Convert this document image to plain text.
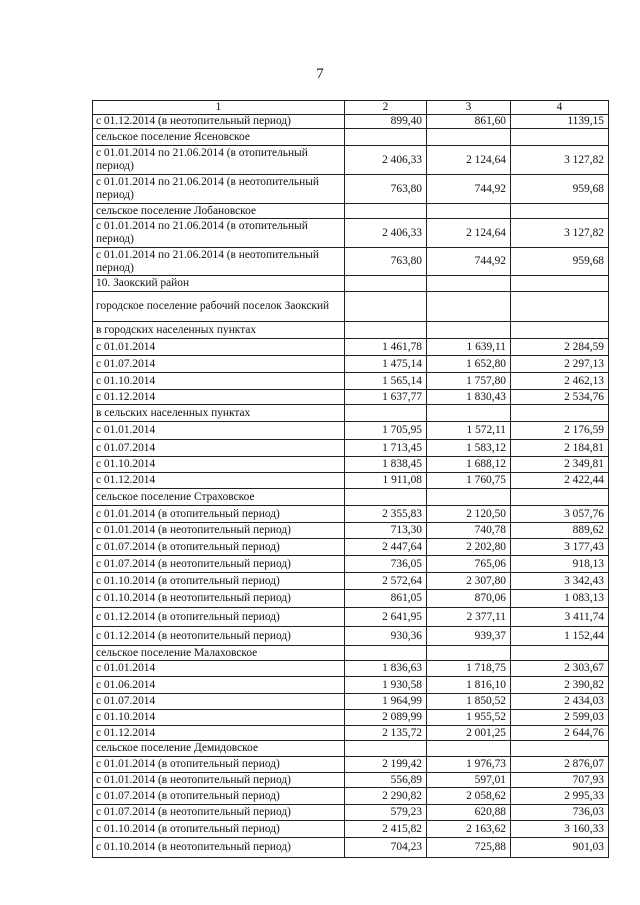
7
1	2	3	4
с 01.12.2014 (в неотопительный период)	899,40	861,60	1139,15
сельское поселение Ясеновское			
с 01.01.2014 по 21.06.2014 (в отопительный период)	2 406,33	2 124,64	3 127,82
с 01.01.2014 по 21.06.2014 (в неотопительный период)	763,80	744,92	959,68
сельское поселение Лобановское			
с 01.01.2014 по 21.06.2014 (в отопительный период)	2 406,33	2 124,64	3 127,82
с 01.01.2014 по 21.06.2014 (в неотопительный период)	763,80	744,92	959,68
10. Заокский район			
городское поселение рабочий поселок Заокский			
в городских населенных пунктах			
с 01.01.2014	1 461,78	1 639,11	2 284,59
с 01.07.2014	1 475,14	1 652,80	2 297,13
с 01.10.2014	1 565,14	1 757,80	2 462,13
с 01.12.2014	1 637,77	1 830,43	2 534,76
в сельских населенных пунктах			
с 01.01.2014	1 705,95	1 572,11	2 176,59
с 01.07.2014	1 713,45	1 583,12	2 184,81
с 01.10.2014	1 838,45	1 688,12	2 349,81
с 01.12.2014	1 911,08	1 760,75	2 422,44
сельское поселение Страховское			
с 01.01.2014 (в отопительный период)	2 355,83	2 120,50	3 057,76
с 01.01.2014 (в неотопительный период)	713,30	740,78	889,62
с 01.07.2014 (в отопительный период)	2 447,64	2 202,80	3 177,43
с 01.07.2014 (в неотопительный период)	736,05	765,06	918,13
с 01.10.2014 (в отопительный период)	2 572,64	2 307,80	3 342,43
с 01.10.2014 (в неотопительный период)	861,05	870,06	1 083,13
с 01.12.2014 (в отопительный период)	2 641,95	2 377,11	3 411,74
с 01.12.2014 (в неотопительный период)	930,36	939,37	1 152,44
сельское поселение Малаховское			
с 01.01.2014	1 836,63	1 718,75	2 303,67
с 01.06.2014	1 930,58	1 816,10	2 390,82
с 01.07.2014	1 964,99	1 850,52	2 434,03
с 01.10.2014	2 089,99	1 955,52	2 599,03
с 01.12.2014	2 135,72	2 001,25	2 644,76
сельское поселение Демидовское			
с 01.01.2014 (в отопительный период)	2 199,42	1 976,73	2 876,07
с 01.01.2014 (в неотопительный период)	556,89	597,01	707,93
с 01.07.2014 (в отопительный период)	2 290,82	2 058,62	2 995,33
с 01.07.2014 (в неотопительный период)	579,23	620,88	736,03
с 01.10.2014 (в отопительный период)	2 415,82	2 163,62	3 160,33
с 01.10.2014 (в неотопительный период)	704,23	725,88	901,03
